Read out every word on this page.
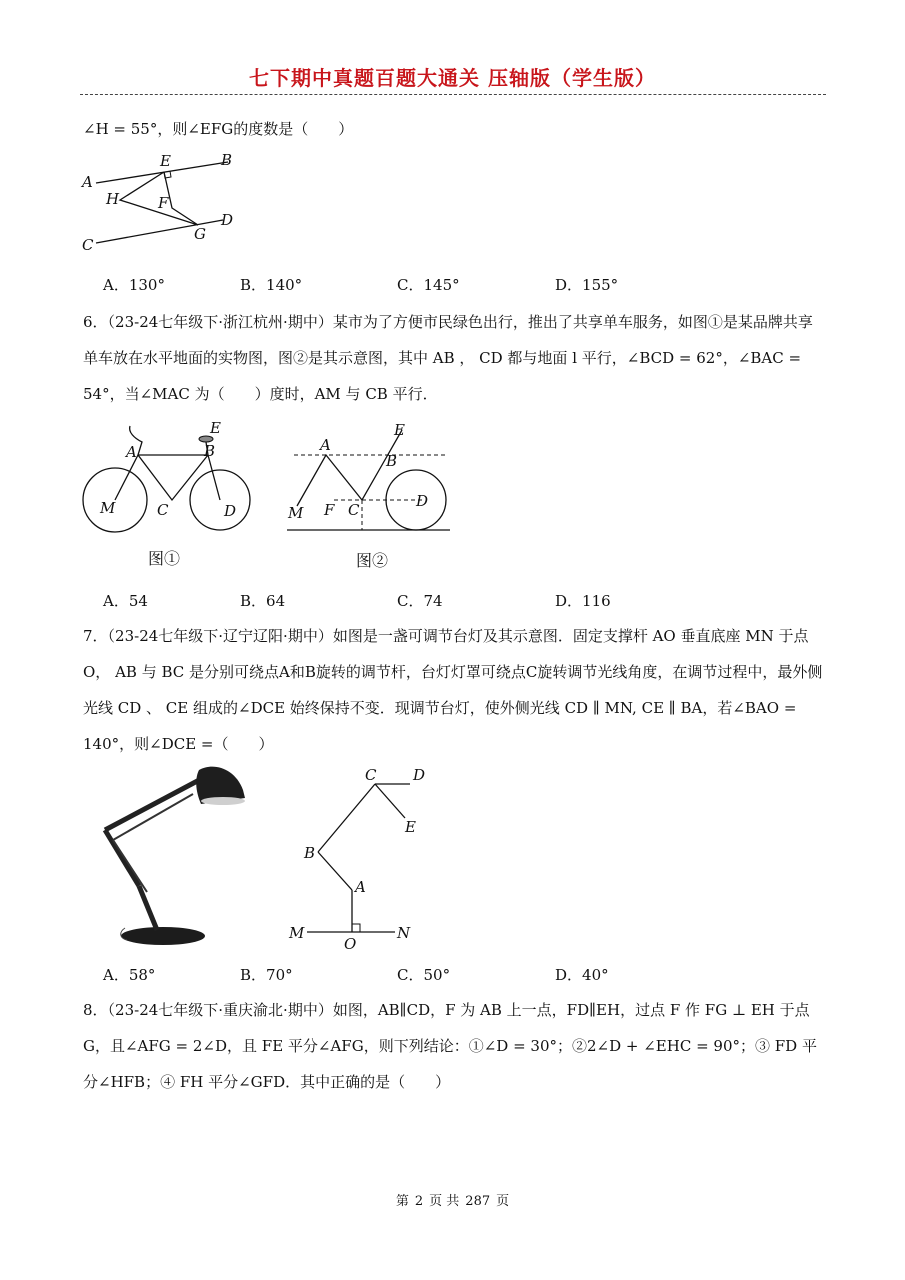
七下期中真题百题大通关 压轴版（学生版）
∠H = 55°，则∠EFG的度数是（　　）
A
B
C
D
E
F
G
H
A．130°	B．140°	C．145°	D．155°
6．（23-24七年级下·浙江杭州·期中）某市为了方便市民绿色出行，推出了共享单车服务，如图①是某品牌共享单车放在水平地面的实物图，图②是其示意图，其中 AB ， CD 都与地面 l 平行，∠BCD = 62°，∠BAC = 54°，当∠MAC 为（　　）度时，AM 与 CB 平行．
A	B
C	D
E
M
图①
A
B
C	D
E
F
M
图②
A．54	B．64	C．74	D．116
7．（23-24七年级下·辽宁辽阳·期中）如图是一盏可调节台灯及其示意图．固定支撑杆 AO 垂直底座 MN 于点O， AB 与 BC 是分别可绕点A和B旋转的调节杆，台灯灯罩可绕点C旋转调节光线角度，在调节过程中，最外侧光线 CD 、 CE 组成的∠DCE 始终保持不变．现调节台灯，使外侧光线 CD ∥ MN, CE ∥ BA，若∠BAO = 140°，则∠DCE =（　　）
A
B
C D
E
M	N
O
A．58°	B．70°	C．50°	D．40°
8．（23-24七年级下·重庆渝北·期中）如图，AB∥CD，F 为 AB 上一点，FD∥EH，过点 F 作 FG ⊥ EH 于点G，且∠AFG = 2∠D，且 FE 平分∠AFG，则下列结论：①∠D = 30°；②2∠D + ∠EHC = 90°；③ FD 平分∠HFB；④ FH 平分∠GFD．其中正确的是（　　）
第 2 页 共 287 页
